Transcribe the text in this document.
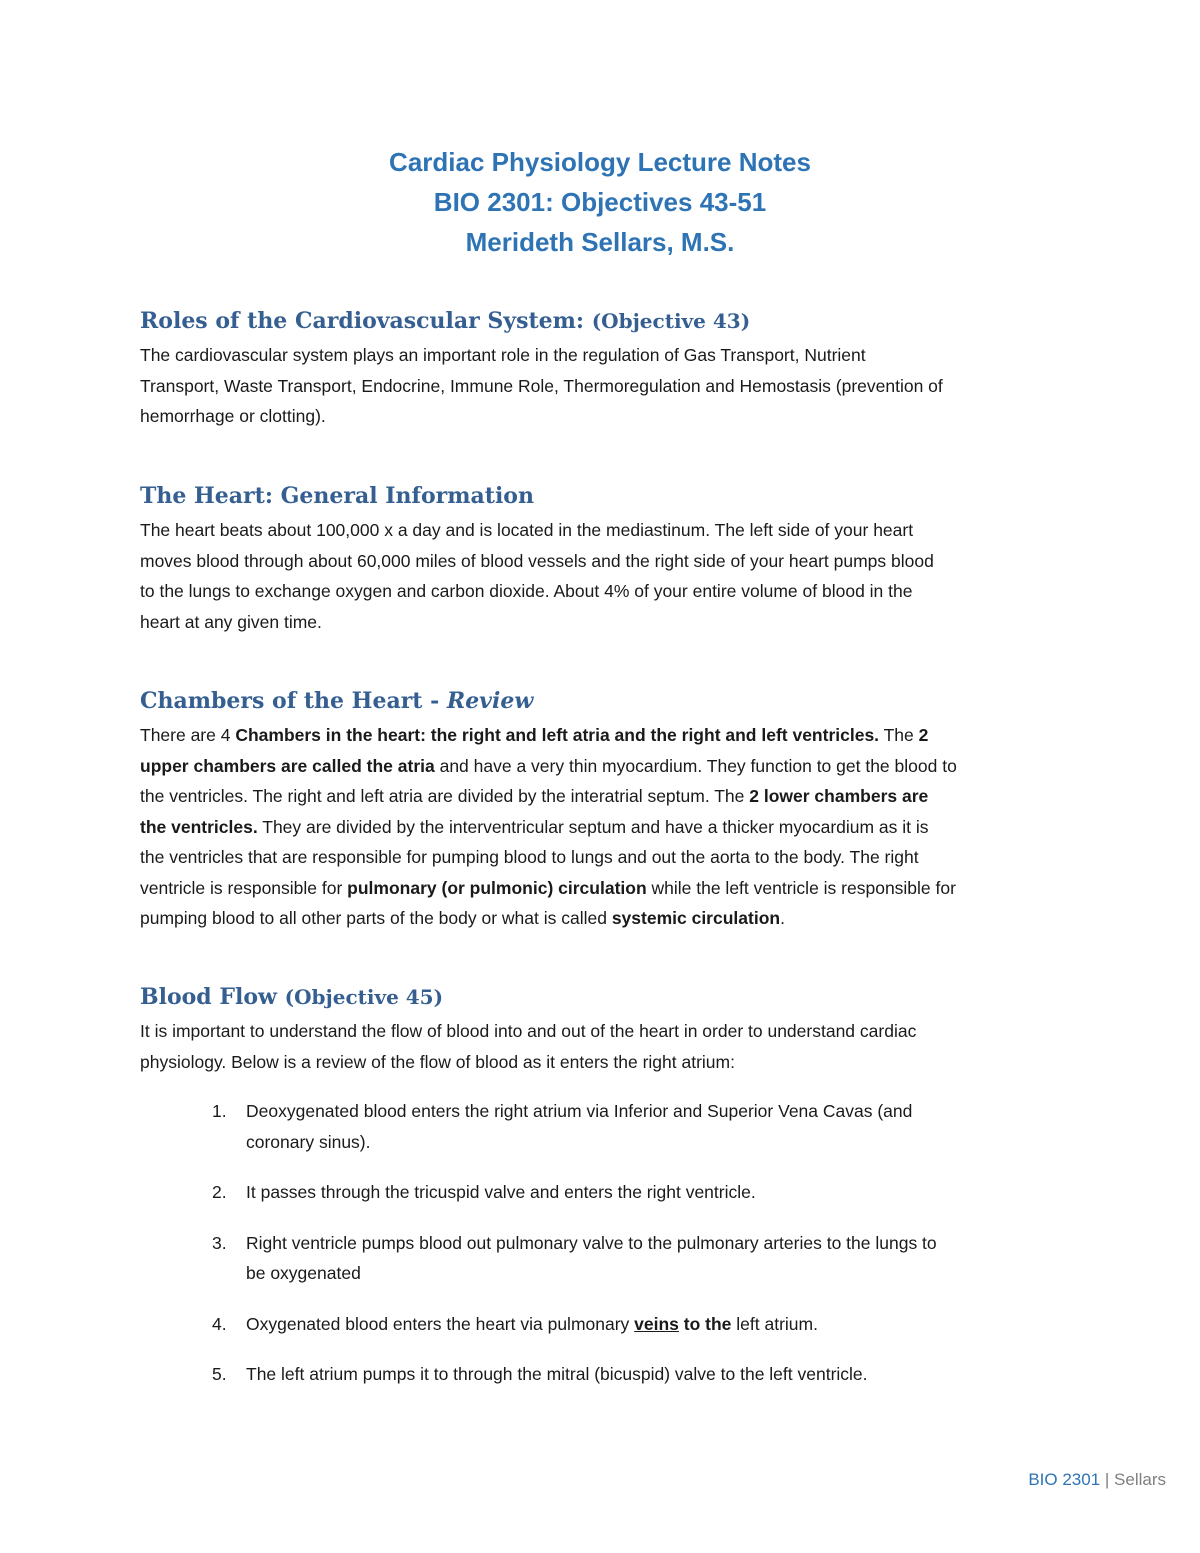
Cardiac Physiology Lecture Notes
BIO 2301: Objectives 43-51
Merideth Sellars, M.S.
Roles of the Cardiovascular System: (Objective 43)

The cardiovascular system plays an important role in the regulation of Gas Transport, Nutrient
Transport, Waste Transport, Endocrine, Immune Role, Thermoregulation and Hemostasis (prevention of
hemorrhage or clotting).

The Heart: General Information

The heart beats about 100,000 x a day and is located in the mediastinum. The left side of your heart
moves blood through about 60,000 miles of blood vessels and the right side of your heart pumps blood
to the lungs to exchange oxygen and carbon dioxide. About 4% of your entire volume of blood in the
heart at any given time.

Chambers of the Heart - Review

There are 4 Chambers in the heart: the right and left atria and the right and left ventricles. The 2
upper chambers are called the atria and have a very thin myocardium. They function to get the blood to
the ventricles. The right and left atria are divided by the interatrial septum. The 2 lower chambers are
the ventricles. They are divided by the interventricular septum and have a thicker myocardium as it is
the ventricles that are responsible for pumping blood to lungs and out the aorta to the body. The right
ventricle is responsible for pulmonary (or pulmonic) circulation while the left ventricle is responsible for
pumping blood to all other parts of the body or what is called systemic circulation.

Blood Flow (Objective 45)

It is important to understand the flow of blood into and out of the heart in order to understand cardiac
physiology. Below is a review of the flow of blood as it enters the right atrium:

1. Deoxygenated blood enters the right atrium via Inferior and Superior Vena Cavas (and
coronary sinus).
2. It passes through the tricuspid valve and enters the right ventricle.
3. Right ventricle pumps blood out pulmonary valve to the pulmonary arteries to the lungs to
be oxygenated
4. Oxygenated blood enters the heart via pulmonary veins to the left atrium.
5. The left atrium pumps it to through the mitral (bicuspid) valve to the left ventricle.
BIO 2301 | Sellars
